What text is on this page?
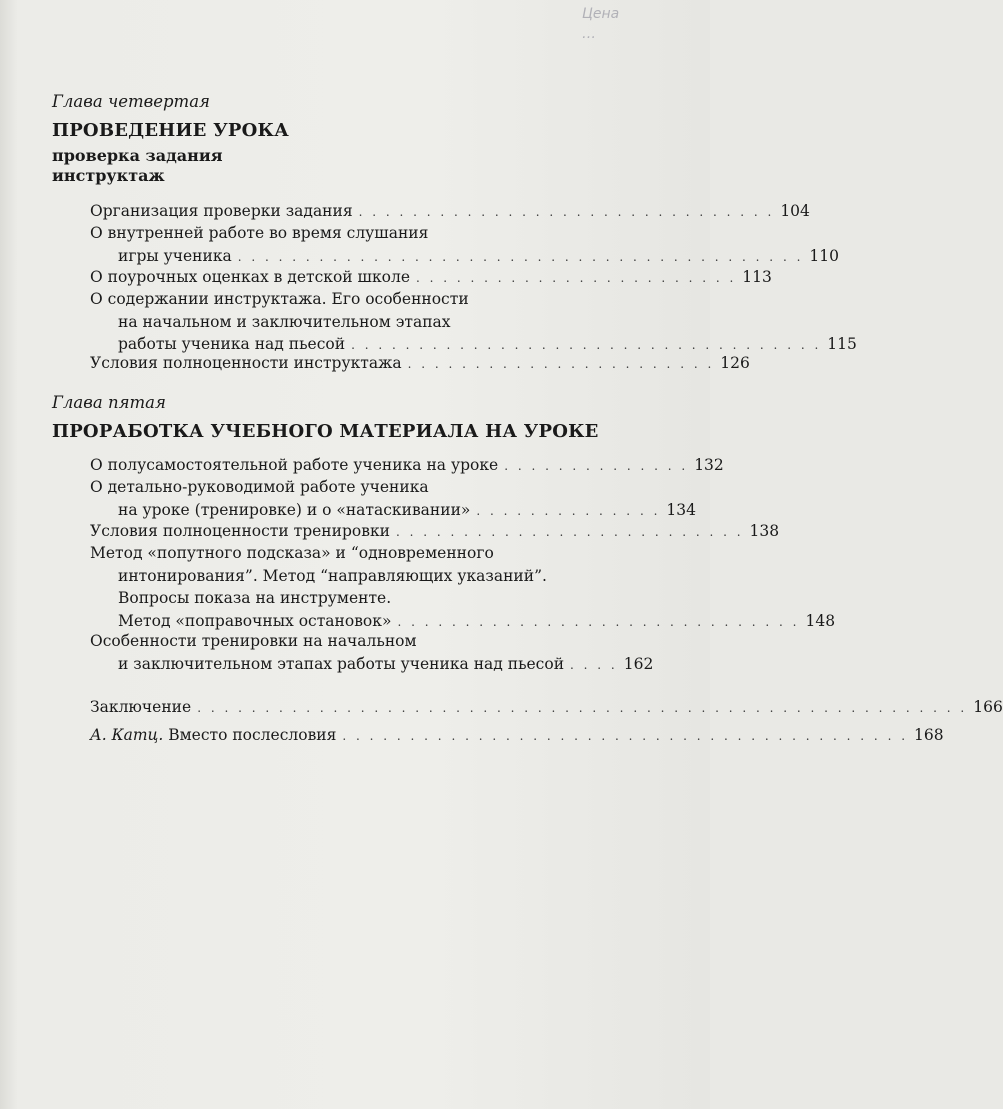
Цена
…
Глава четвертая
ПРОВЕДЕНИЕ УРОКА
проверка задания
инструктаж
Организация проверки задания . . . . . . . . . . . . . . . . . . . . . . . . . . . . . . . 104
О внутренней работе во время слушания
игры ученика . . . . . . . . . . . . . . . . . . . . . . . . . . . . . . . . . . . . . . . . . . 110
О поурочных оценках в детской школе . . . . . . . . . . . . . . . . . . . . . . . . 113
О содержании инструктажа. Его особенности
на начальном и заключительном этапах
работы ученика над пьесой . . . . . . . . . . . . . . . . . . . . . . . . . . . . . . . . . . . 115
Условия полноценности инструктажа . . . . . . . . . . . . . . . . . . . . . . . 126
Глава пятая
ПРОРАБОТКА УЧЕБНОГО МАТЕРИАЛА НА УРОКЕ
О полусамостоятельной работе ученика на уроке . . . . . . . . . . . . . . 132
О детально-руководимой работе ученика
на уроке (тренировке) и о «натаскивании» . . . . . . . . . . . . . . 134
Условия полноценности тренировки . . . . . . . . . . . . . . . . . . . . . . . . . . 138
Метод «попутного подсказа» и “одновременного
интонирования”. Метод “направляющих указаний”.
Вопросы показа на инструменте.
Метод «поправочных остановок» . . . . . . . . . . . . . . . . . . . . . . . . . . . . . . 148
Особенности тренировки на начальном
и заключительном этапах работы ученика над пьесой . . . . 162
Заключение . . . . . . . . . . . . . . . . . . . . . . . . . . . . . . . . . . . . . . . . . . . . . . . . . . . . . . . . . 166
А. Катц. Вместо послесловия . . . . . . . . . . . . . . . . . . . . . . . . . . . . . . . . . . . . . . . . . . 168
